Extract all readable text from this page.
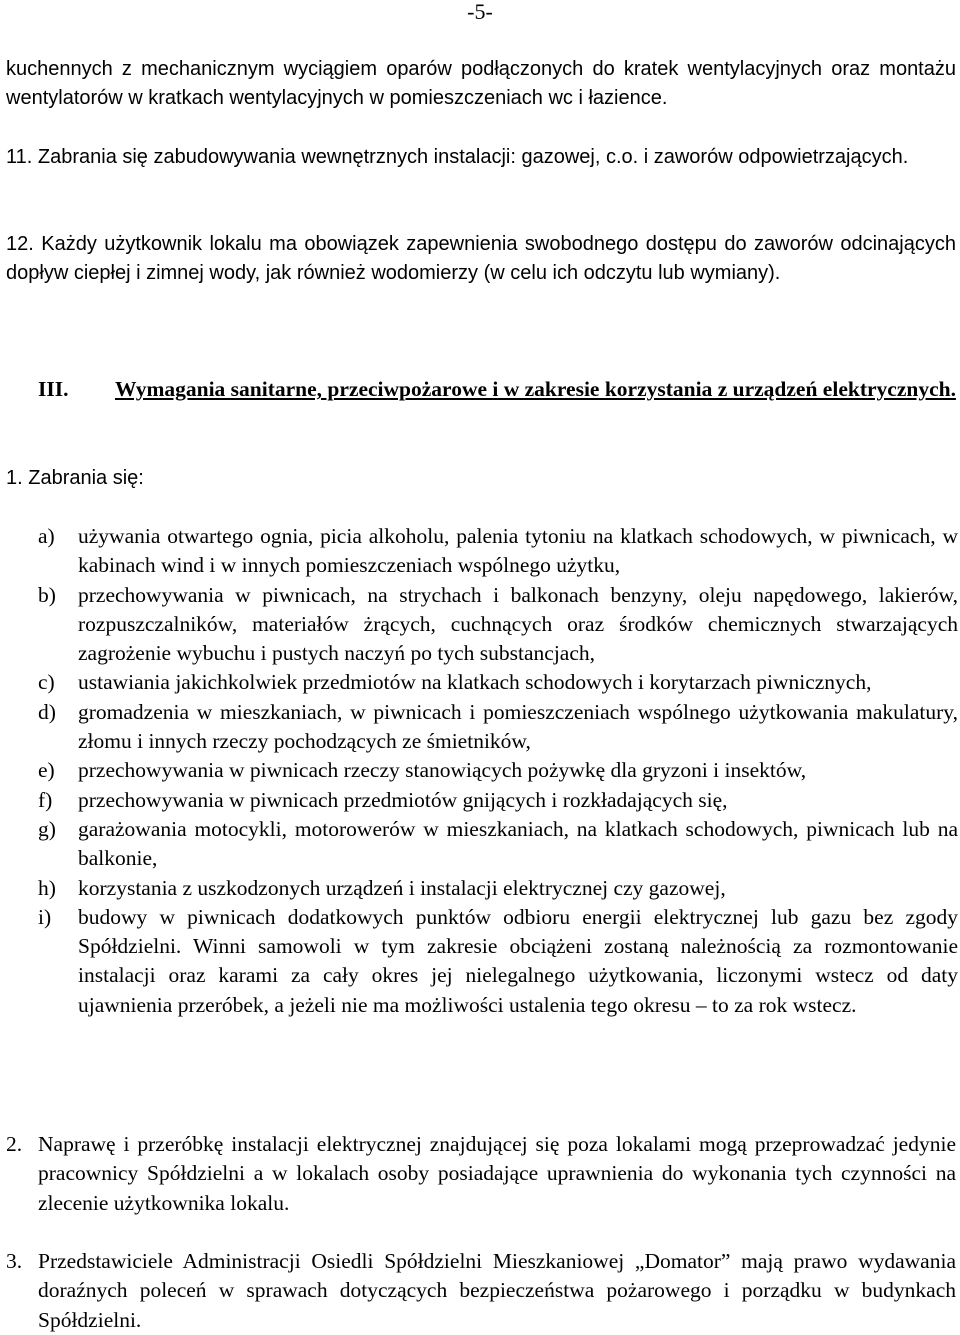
-5-
kuchennych z mechanicznym wyciągiem oparów podłączonych do kratek wentylacyjnych oraz montażu wentylatorów w kratkach wentylacyjnych w pomieszczeniach wc i łazience.
11. Zabrania się zabudowywania wewnętrznych instalacji: gazowej, c.o. i zaworów odpowietrzających.
12. Każdy użytkownik lokalu ma obowiązek zapewnienia swobodnego dostępu do zaworów odcinających dopływ ciepłej i zimnej wody, jak również wodomierzy (w celu ich odczytu lub wymiany).
III. Wymagania sanitarne, przeciwpożarowe i w zakresie korzystania z urządzeń elektrycznych.
1. Zabrania się:
a) używania otwartego ognia, picia alkoholu, palenia tytoniu na klatkach schodowych, w piwnicach, w kabinach wind i w innych pomieszczeniach wspólnego użytku,
b) przechowywania w piwnicach, na strychach i balkonach benzyny, oleju napędowego, lakierów, rozpuszczalników, materiałów żrących, cuchnących oraz środków chemicznych stwarzających zagrożenie wybuchu i pustych naczyń po tych substancjach,
c) ustawiania jakichkolwiek przedmiotów na klatkach schodowych i korytarzach piwnicznych,
d) gromadzenia w mieszkaniach, w piwnicach i pomieszczeniach wspólnego użytkowania makulatury, złomu i innych rzeczy pochodzących ze śmietników,
e) przechowywania w piwnicach rzeczy stanowiących pożywkę dla gryzoni i insektów,
f) przechowywania w piwnicach przedmiotów gnijących i rozkładających się,
g) garażowania motocykli, motorowerów w mieszkaniach, na klatkach schodowych, piwnicach lub na balkonie,
h) korzystania z uszkodzonych urządzeń i instalacji elektrycznej czy gazowej,
i) budowy w piwnicach dodatkowych punktów odbioru energii elektrycznej lub gazu bez zgody Spółdzielni. Winni samowoli w tym zakresie obciążeni zostaną należnością za rozmontowanie instalacji oraz karami za cały okres jej nielegalnego użytkowania, liczonymi wstecz od daty ujawnienia przeróbek, a jeżeli nie ma możliwości ustalenia tego okresu – to za rok wstecz.
2. Naprawę i przeróbkę instalacji elektrycznej znajdującej się poza lokalami mogą przeprowadzać jedynie pracownicy Spółdzielni a w lokalach osoby posiadające uprawnienia do wykonania tych czynności na zlecenie użytkownika lokalu.
3. Przedstawiciele Administracji Osiedli Spółdzielni Mieszkaniowej „Domator” mają prawo wydawania doraźnych poleceń w sprawach dotyczących bezpieczeństwa pożarowego i porządku w budynkach Spółdzielni.
